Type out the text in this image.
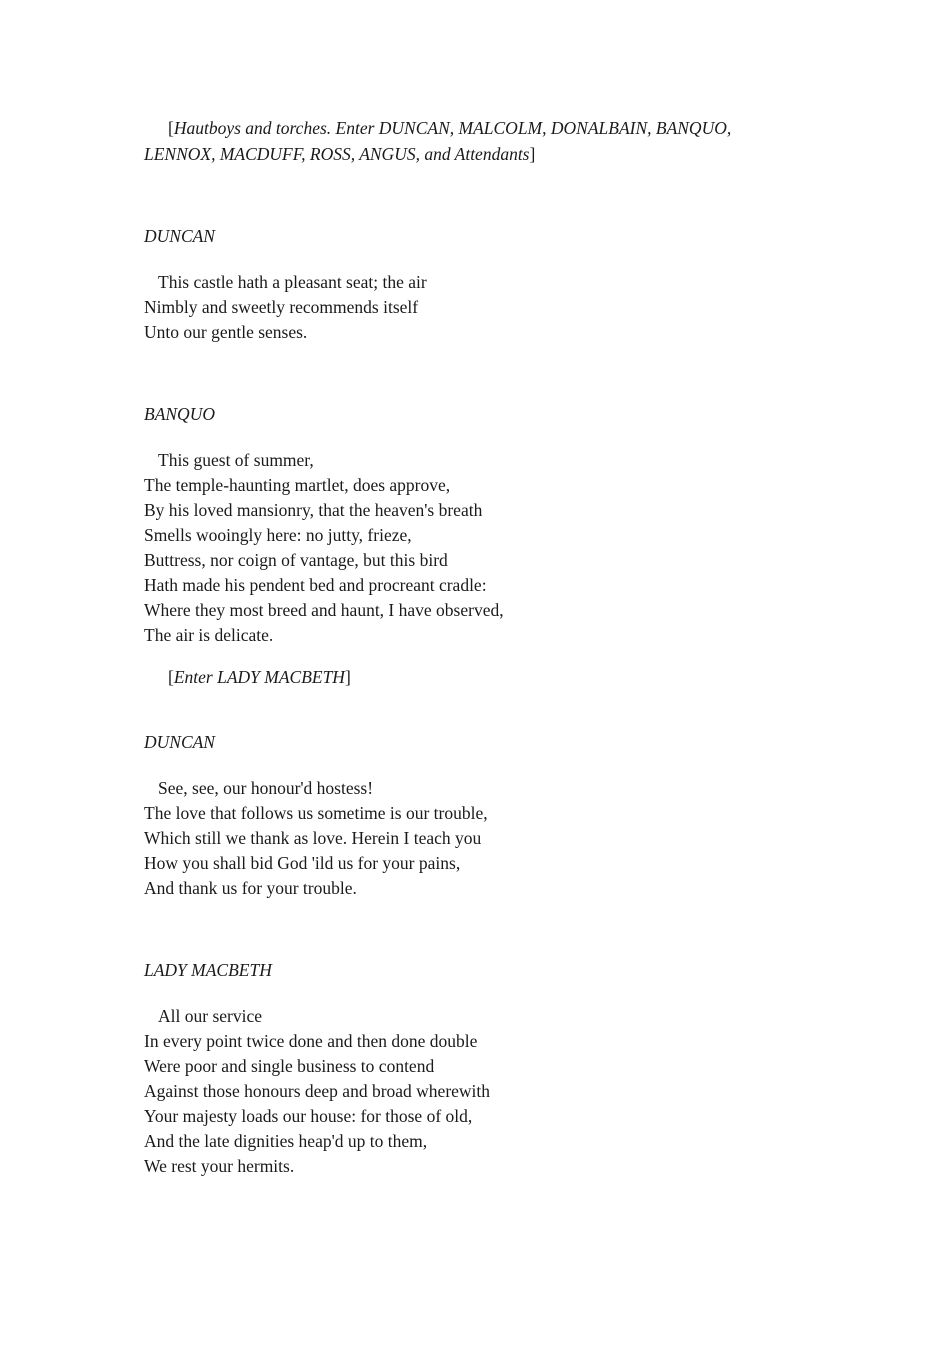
[Hautboys and torches. Enter DUNCAN, MALCOLM, DONALBAIN, BANQUO,
LENNOX, MACDUFF, ROSS, ANGUS, and Attendants]

DUNCAN
This castle hath a pleasant seat; the air
Nimbly and sweetly recommends itself
Unto our gentle senses.
BANQUO
This guest of summer,
The temple-haunting martlet, does approve,
By his loved mansionry, that the heaven's breath
Smells wooingly here: no jutty, frieze,
Buttress, nor coign of vantage, but this bird
Hath made his pendent bed and procreant cradle:
Where they most breed and haunt, I have observed,
The air is delicate.

[Enter LADY MACBETH]

DUNCAN
See, see, our honour'd hostess!
The love that follows us sometime is our trouble,
Which still we thank as love. Herein I teach you
How you shall bid God 'ild us for your pains,
And thank us for your trouble.
LADY MACBETH
All our service
In every point twice done and then done double
Were poor and single business to contend
Against those honours deep and broad wherewith
Your majesty loads our house: for those of old,
And the late dignities heap'd up to them,
We rest your hermits.
